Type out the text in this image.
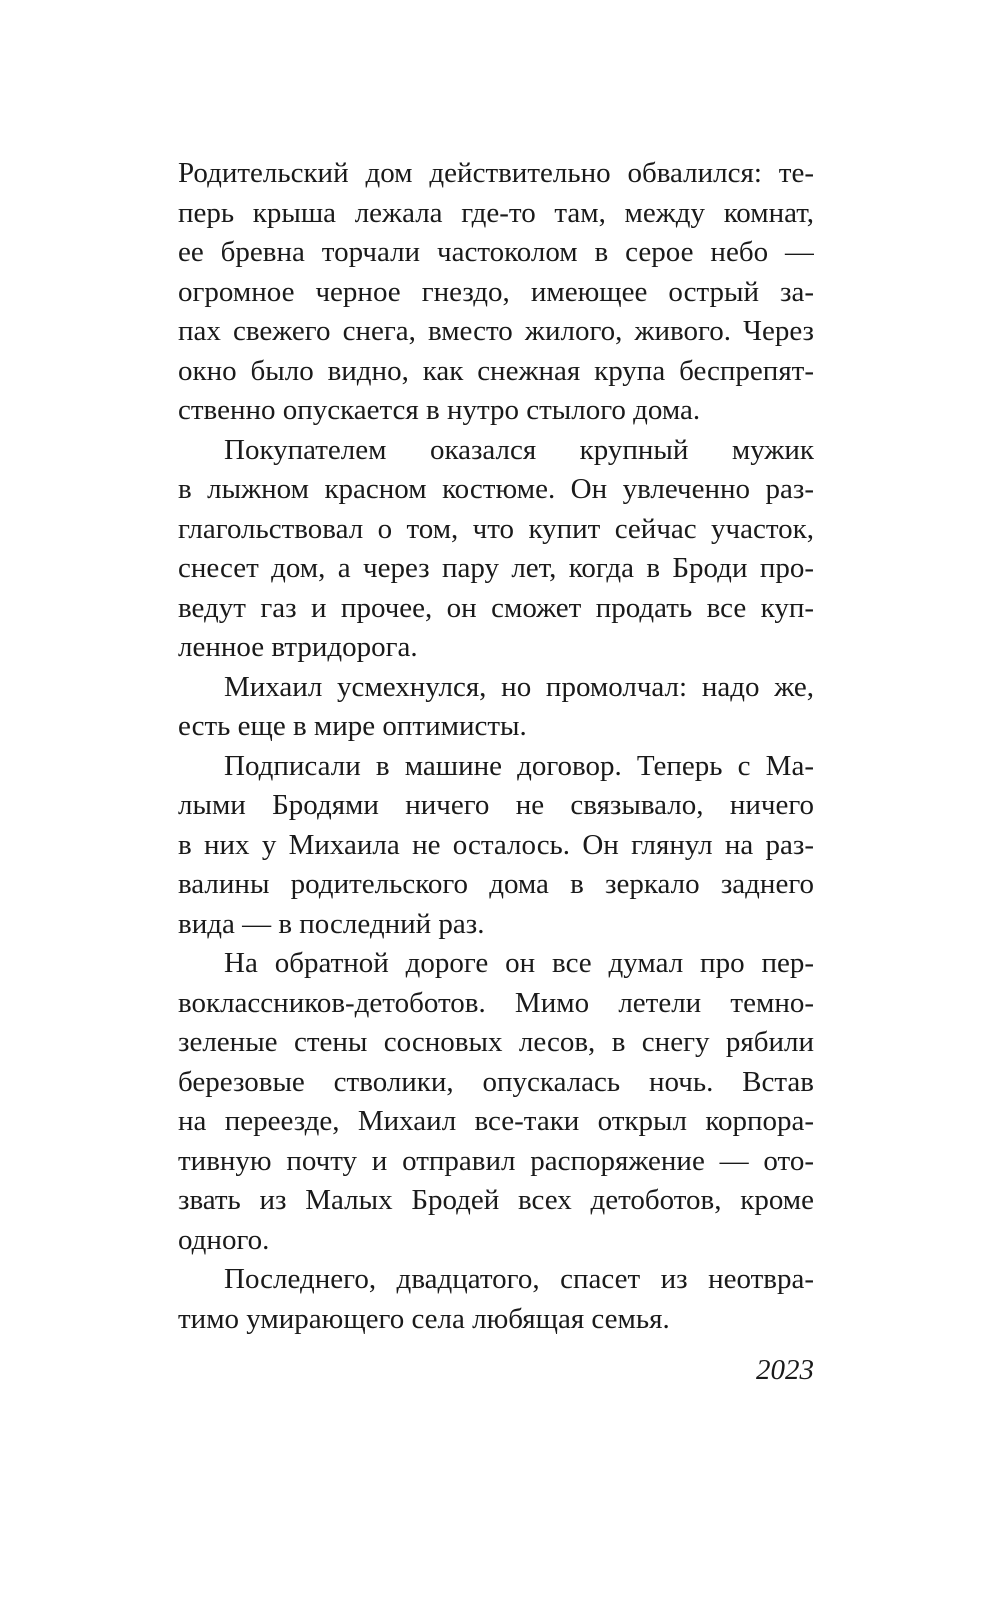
Родительский дом действительно обвалился: те-
перь крыша лежала где-то там, между комнат,
ее бревна торчали частоколом в серое небо —
огромное черное гнездо, имеющее острый за-
пах свежего снега, вместо жилого, живого. Через
окно было видно, как снежная крупа беспрепят-
ственно опускается в нутро стылого дома.
Покупателем оказался крупный мужик
в лыжном красном костюме. Он увлеченно раз-
глагольствовал о том, что купит сейчас участок,
снесет дом, а через пару лет, когда в Броди про-
ведут газ и прочее, он сможет продать все куп-
ленное втридорога.
Михаил усмехнулся, но промолчал: надо же,
есть еще в мире оптимисты.
Подписали в машине договор. Теперь с Ма-
лыми Бродями ничего не связывало, ничего
в них у Михаила не осталось. Он глянул на раз-
валины родительского дома в зеркало заднего
вида — в последний раз.
На обратной дороге он все думал про пер-
воклассников-детоботов. Мимо летели темно-
зеленые стены сосновых лесов, в снегу рябили
березовые стволики, опускалась ночь. Встав
на переезде, Михаил все-таки открыл корпора-
тивную почту и отправил распоряжение — ото-
звать из Малых Бродей всех детоботов, кроме
одного.
Последнего, двадцатого, спасет из неотвра-
тимо умирающего села любящая семья.
2023
